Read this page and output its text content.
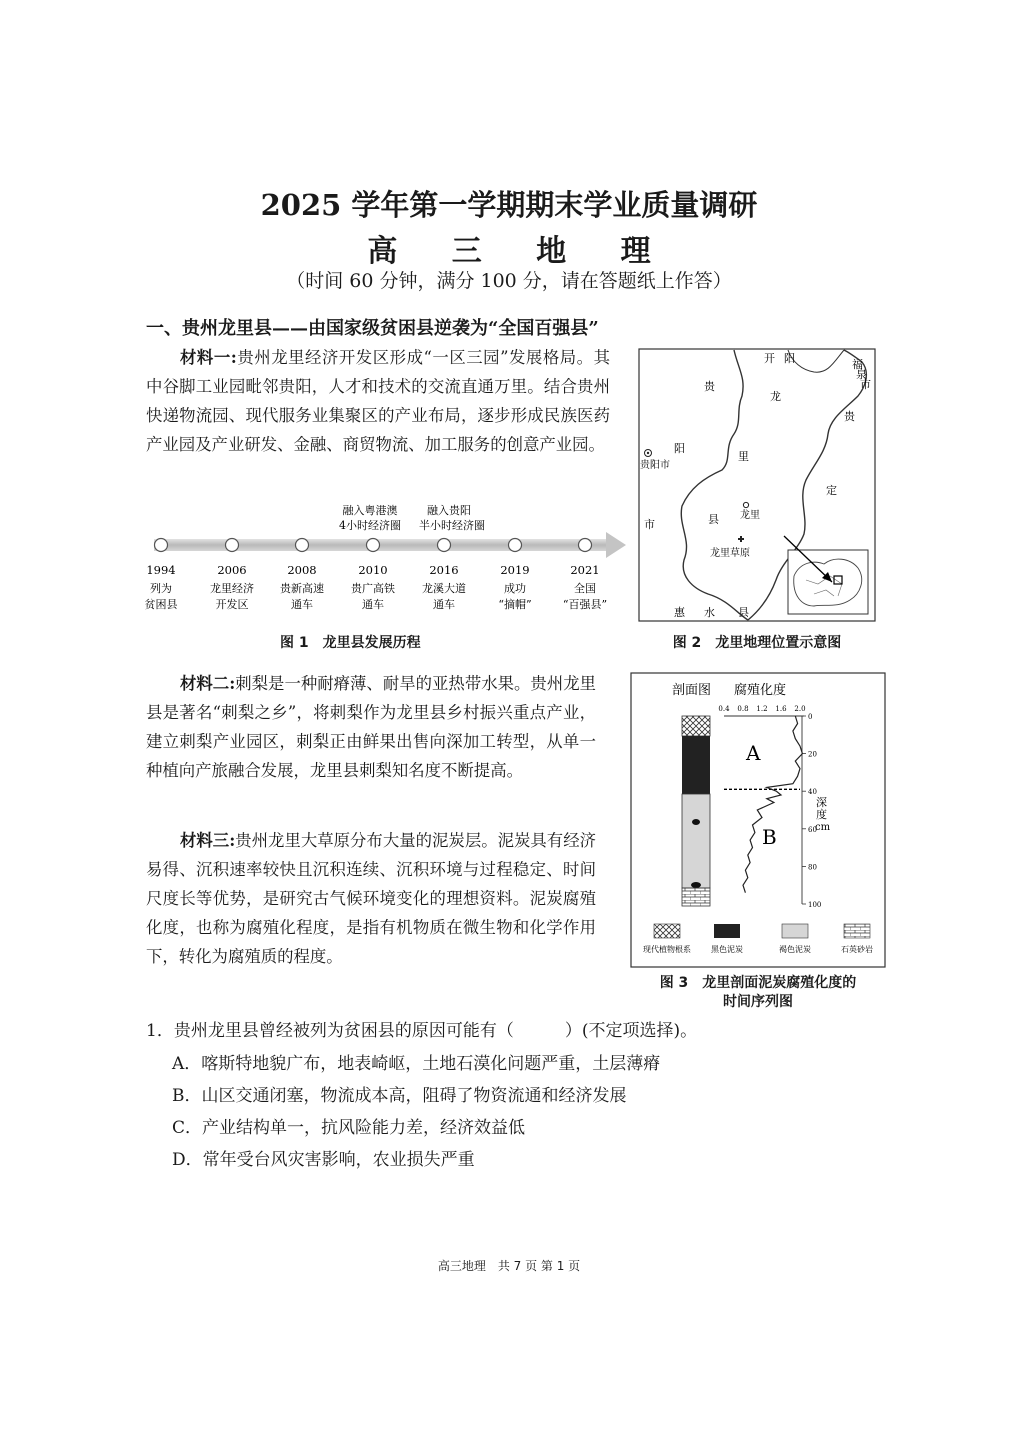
2025 学年第一学期期末学业质量调研
高 三 地 理
（时间 60 分钟，满分 100 分，请在答题纸上作答）
一、贵州龙里县——由国家级贫困县逆袭为“全国百强县”
材料一:贵州龙里经济开发区形成“一区三园”发展格局。其中谷脚工业园毗邻贵阳，人才和技术的交流直通万里。结合贵州快递物流园、现代服务业集聚区的产业布局，逐步形成民族医药产业园及产业研发、金融、商贸物流、加工服务的创意产业园。
融入粤港澳
4小时经济圈
融入贵阳
半小时经济圈
1994
列为
贫困县
2006
龙里经济
开发区
2008
贵新高速
通车
2010
贵广高铁
通车
2016
龙溪大道
通车
2019
成功
“摘帽”
2021
全国
“百强县”
图 1　龙里县发展历程
开 阳	福
泉
市
贵
阳
市
龙
里
县
贵
定
贵阳市
龙里
龙里草原
惠 水 县
图 2　龙里地理位置示意图
材料二:刺梨是一种耐瘠薄、耐旱的亚热带水果。贵州龙里县是著名“刺梨之乡”，将刺梨作为龙里县乡村振兴重点产业，建立刺梨产业园区，刺梨正由鲜果出售向深加工转型，从单一种植向产旅融合发展，龙里县刺梨知名度不断提高。
材料三:贵州龙里大草原分布大量的泥炭层。泥炭具有经济易得、沉积速率较快且沉积连续、沉积环境与过程稳定、时间尺度长等优势，是研究古气候环境变化的理想资料。泥炭腐殖化度，也称为腐殖化程度，是指有机物质在微生物和化学作用下，转化为腐殖质的程度。
剖面图 腐殖化度
0.4 0.8 1.2 1.6 2.0
0
20
40
60
80
100
A
B
深
度
cm
现代植物根系	黑色泥炭	褐色泥炭	石英砂岩
图 3　龙里剖面泥炭腐殖化度的
时间序列图
1．贵州龙里县曾经被列为贫困县的原因可能有（　　　）(不定项选择)。
A．喀斯特地貌广布，地表崎岖，土地石漠化问题严重，土层薄瘠
B．山区交通闭塞，物流成本高，阻碍了物资流通和经济发展
C．产业结构单一，抗风险能力差，经济效益低
D．常年受台风灾害影响，农业损失严重
高三地理　共 7 页 第 1 页
